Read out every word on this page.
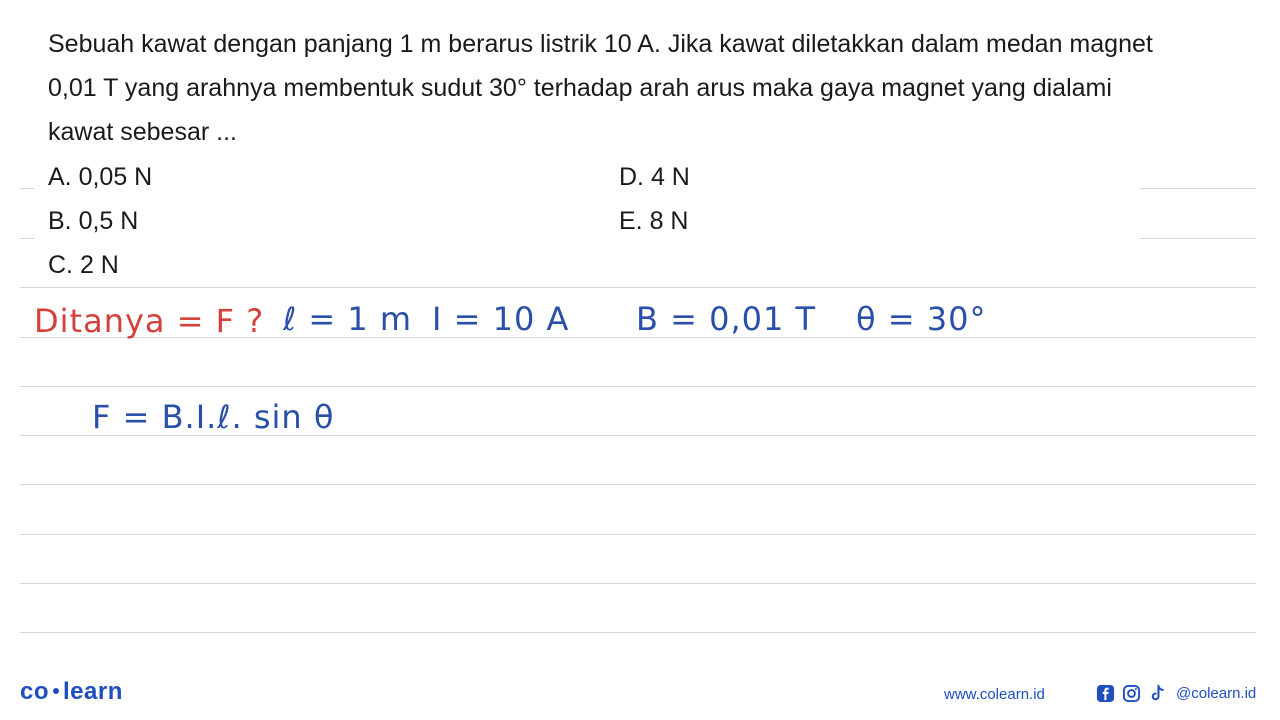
Sebuah kawat dengan panjang 1 m berarus listrik 10 A. Jika kawat diletakkan dalam medan magnet 0,01 T yang arahnya membentuk sudut 30° terhadap arah arus maka gaya magnet yang dialami kawat sebesar ...

A. 0,05 N
B. 0,5 N
C. 2 N
D. 4 N
E. 8 N
Ditanya = F ? ℓ = 1 m I = 10 A B = 0,01 T θ = 30°
F = B.I.ℓ. sin θ
co learn	www.colearn.id	@colearn.id
